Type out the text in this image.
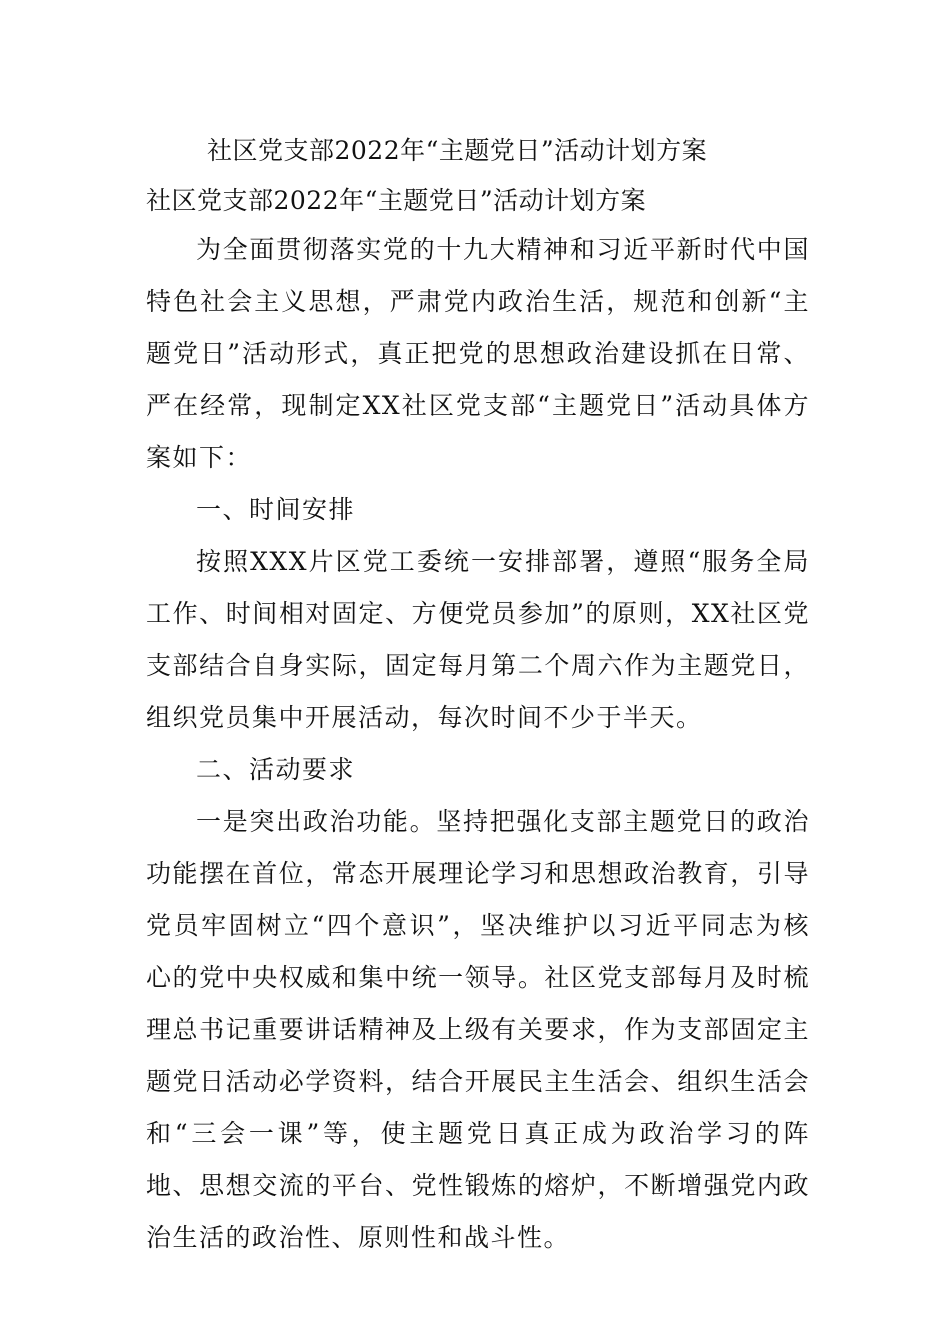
社区党支部2022年“主题党日”活动计划方案
社区党支部2022年“主题党日”活动计划方案

为全面贯彻落实党的十九大精神和习近平新时代中国特色社会主义思想，严肃党内政治生活，规范和创新“主题党日”活动形式，真正把党的思想政治建设抓在日常、严在经常，现制定XX社区党支部“主题党日”活动具体方案如下：

一、时间安排

按照XXX片区党工委统一安排部署，遵照“服务全局工作、时间相对固定、方便党员参加”的原则，XX社区党支部结合自身实际，固定每月第二个周六作为主题党日，组织党员集中开展活动，每次时间不少于半天。

二、活动要求

一是突出政治功能。坚持把强化支部主题党日的政治功能摆在首位，常态开展理论学习和思想政治教育，引导党员牢固树立“四个意识”，坚决维护以习近平同志为核心的党中央权威和集中统一领导。社区党支部每月及时梳理总书记重要讲话精神及上级有关要求，作为支部固定主题党日活动必学资料，结合开展民主生活会、组织生活会和“三会一课”等，使主题党日真正成为政治学习的阵地、思想交流的平台、党性锻炼的熔炉，不断增强党内政治生活的政治性、原则性和战斗性。
